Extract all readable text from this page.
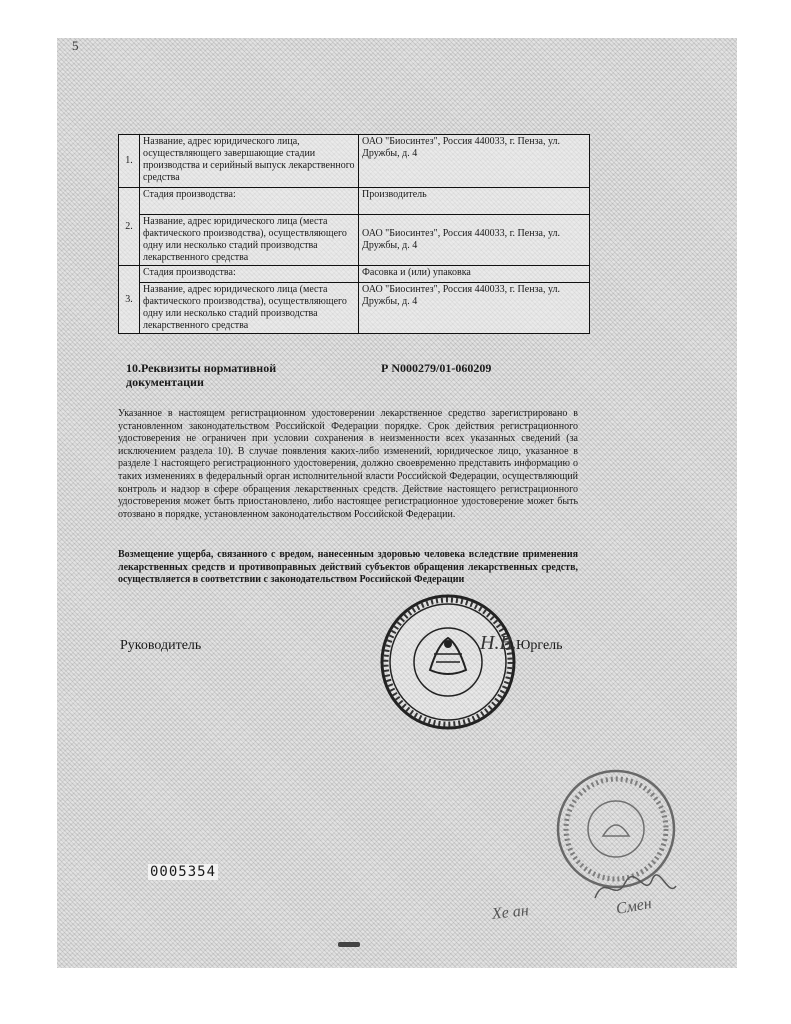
5
1.	Название, адрес юридического лица, осуществляющего завершающие стадии производства и серийный выпуск лекарственного средства	ОАО "Биосинтез", Россия 440033, г. Пенза, ул. Дружбы, д. 4
2.	Стадия производства:	Производитель
	Название, адрес юридического лица (места фактического производства), осуществляющего одну или несколько стадий производства лекарственного средства	ОАО "Биосинтез", Россия 440033, г. Пенза, ул. Дружбы, д. 4
3.	Стадия производства:	Фасовка и (или) упаковка
	Название, адрес юридического лица (места фактического производства), осуществляющего одну или несколько стадий производства лекарственного средства	ОАО "Биосинтез", Россия 440033, г. Пенза, ул. Дружбы, д. 4
10.Реквизиты нормативной документации
Р N000279/01-060209
Указанное в настоящем регистрационном удостоверении лекарственное средство зарегистрировано в установленном законодательством Российской Федерации порядке. Срок действия регистрационного удостоверения не ограничен при условии сохранения в неизменности всех указанных сведений (за исключением раздела 10). В случае появления каких-либо изменений, юридическое лицо, указанное в разделе 1 настоящего регистрационного удостоверения, должно своевременно представить информацию о таких изменениях в федеральный орган исполнительной власти Российской Федерации, осуществляющий контроль и надзор в сфере обращения лекарственных средств. Действие настоящего регистрационного удостоверения может быть приостановлено, либо настоящее регистрационное удостоверение может быть отозвано в порядке, установленном законодательством Российской Федерации.
Возмещение ущерба, связанного с вредом, нанесенным здоровью человека вследствие применения лекарственных средств и противоправных действий субъектов обращения лекарственных средств, осуществляется в соответствии с законодательством Российской Федерации
Руководитель	Н.В. Юргель
0005354
Хе ан	Смен
